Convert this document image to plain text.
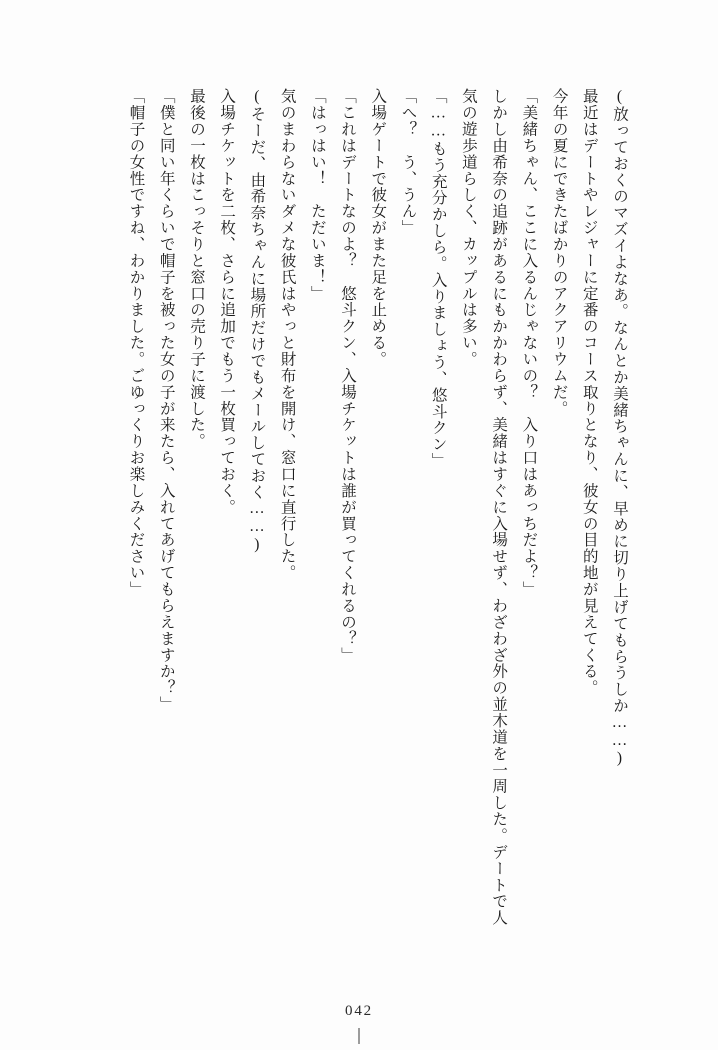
(放っておくのマズイよなあ。なんとか美緒ちゃんに、早めに切り上げてもらうしか……)

最近はデートやレジャーに定番のコース取りとなり、彼女の目的地が見えてくる。

今年の夏にできたばかりのアクアリウムだ。

「美緒ちゃん、ここに入るんじゃないの？　入り口はあっちだよ？」

しかし由希奈の追跡があるにもかかわらず、美緒はすぐに入場せず、わざわざ外の並木道を一周した。デートで人気の遊歩道らしく、カップルは多い。

「……もう充分かしら。入りましょう、悠斗クン」

「へ？　う、うん」

入場ゲートで彼女がまた足を止める。

「これはデートなのよ？　悠斗クン、入場チケットは誰が買ってくれるの？」

「はっはい！　ただいま！」

気のまわらないダメな彼氏はやっと財布を開け、窓口に直行した。

(そーだ、由希奈ちゃんに場所だけでもメールしておく……)

入場チケットを二枚、さらに追加でもう一枚買っておく。

最後の一枚はこっそりと窓口の売り子に渡した。

「僕と同い年くらいで帽子を被った女の子が来たら、入れてあげてもらえますか？」

「帽子の女性ですね、わかりました。ごゆっくりお楽しみください」

042
